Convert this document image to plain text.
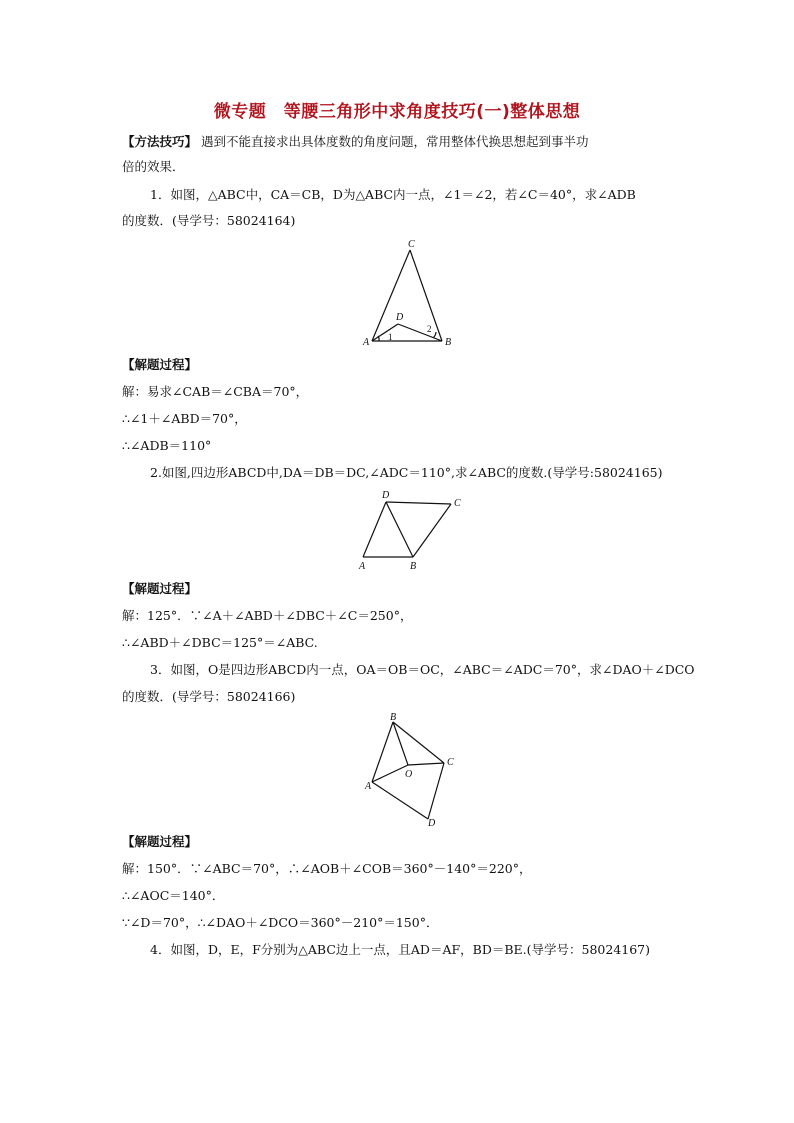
微专题　等腰三角形中求角度技巧(一)整体思想
【方法技巧】 遇到不能直接求出具体度数的角度问题，常用整体代换思想起到事半功
倍的效果．
1．如图，△ABC中，CA＝CB，D为△ABC内一点，∠1＝∠2，若∠C＝40°，求∠ADB
的度数．(导学号：58024164)
C
D
A	B
1
2
【解题过程】
解：易求∠CAB＝∠CBA＝70°，
∴∠1＋∠ABD＝70°，
∴∠ADB＝110°
2.如图,四边形ABCD中,DA＝DB＝DC,∠ADC＝110°,求∠ABC的度数.(导学号:58024165)
D
C
A	B
【解题过程】
解：125°．∵∠A＋∠ABD＋∠DBC＋∠C＝250°，
∴∠ABD＋∠DBC＝125°＝∠ABC.
3．如图，O是四边形ABCD内一点，OA＝OB＝OC，∠ABC＝∠ADC＝70°，求∠DAO＋∠DCO
的度数．(导学号：58024166)
B
O
C
A
D
【解题过程】
解：150°．∵∠ABC＝70°，∴∠AOB＋∠COB＝360°－140°＝220°，
∴∠AOC＝140°．
∵∠D＝70°，∴∠DAO＋∠DCO＝360°－210°＝150°．
4．如图，D，E，F分别为△ABC边上一点，且AD＝AF，BD＝BE.(导学号：58024167)
